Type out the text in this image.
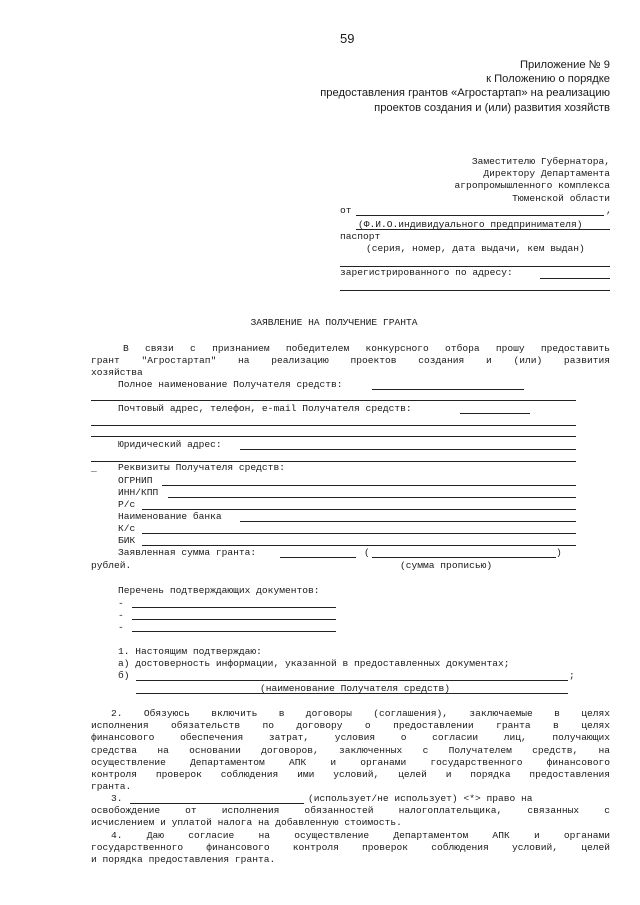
59
Приложение № 9
к Положению о порядке
предоставления грантов «Агростартап» на реализацию
проектов создания и (или) развития хозяйств
Заместителю Губернатора,
Директору Департамента
агропромышленного комплекса
Тюменской области
от	,
(Ф.И.О.индивидуального предпринимателя)
паспорт
(серия, номер, дата выдачи, кем выдан)
зарегистрированного по адресу:
ЗАЯВЛЕНИЕ НА ПОЛУЧЕНИЕ ГРАНТА
В связи с признанием победителем конкурсного отбора прошу предоставить
грант "Агростартап" на реализацию проектов создания и (или) развития
хозяйства
Полное наименование Получателя средств:
Почтовый адрес, телефон, e-mail Получателя средств:
Юридический адрес:
_ Реквизиты Получателя средств:
ОГРНИП
ИНН/КПП
Р/с
Наименование банка
К/с
БИК
Заявленная сумма гранта:	(	)
рублей.	(сумма прописью)
Перечень подтверждающих документов:
-
-
-
1. Настоящим подтверждаю:
а) достоверность информации, указанной в предоставленных документах;
б)	;
(наименование Получателя средств)
2. Обязуюсь включить в договоры (соглашения), заключаемые в целях
исполнения обязательств по договору о предоставлении гранта в целях
финансового обеспечения затрат, условия о согласии лиц, получающих
средства на основании договоров, заключенных с Получателем средств, на
осуществление Департаментом АПК и органами государственного финансового
контроля проверок соблюдения ими условий, целей и порядка предоставления
гранта.
3.	(использует/не использует) <*> право на
освобождение от исполнения обязанностей налогоплательщика, связанных с
исчислением и уплатой налога на добавленную стоимость.
4. Даю согласие на осуществление Департаментом АПК и органами
государственного финансового контроля проверок соблюдения условий, целей
и порядка предоставления гранта.
